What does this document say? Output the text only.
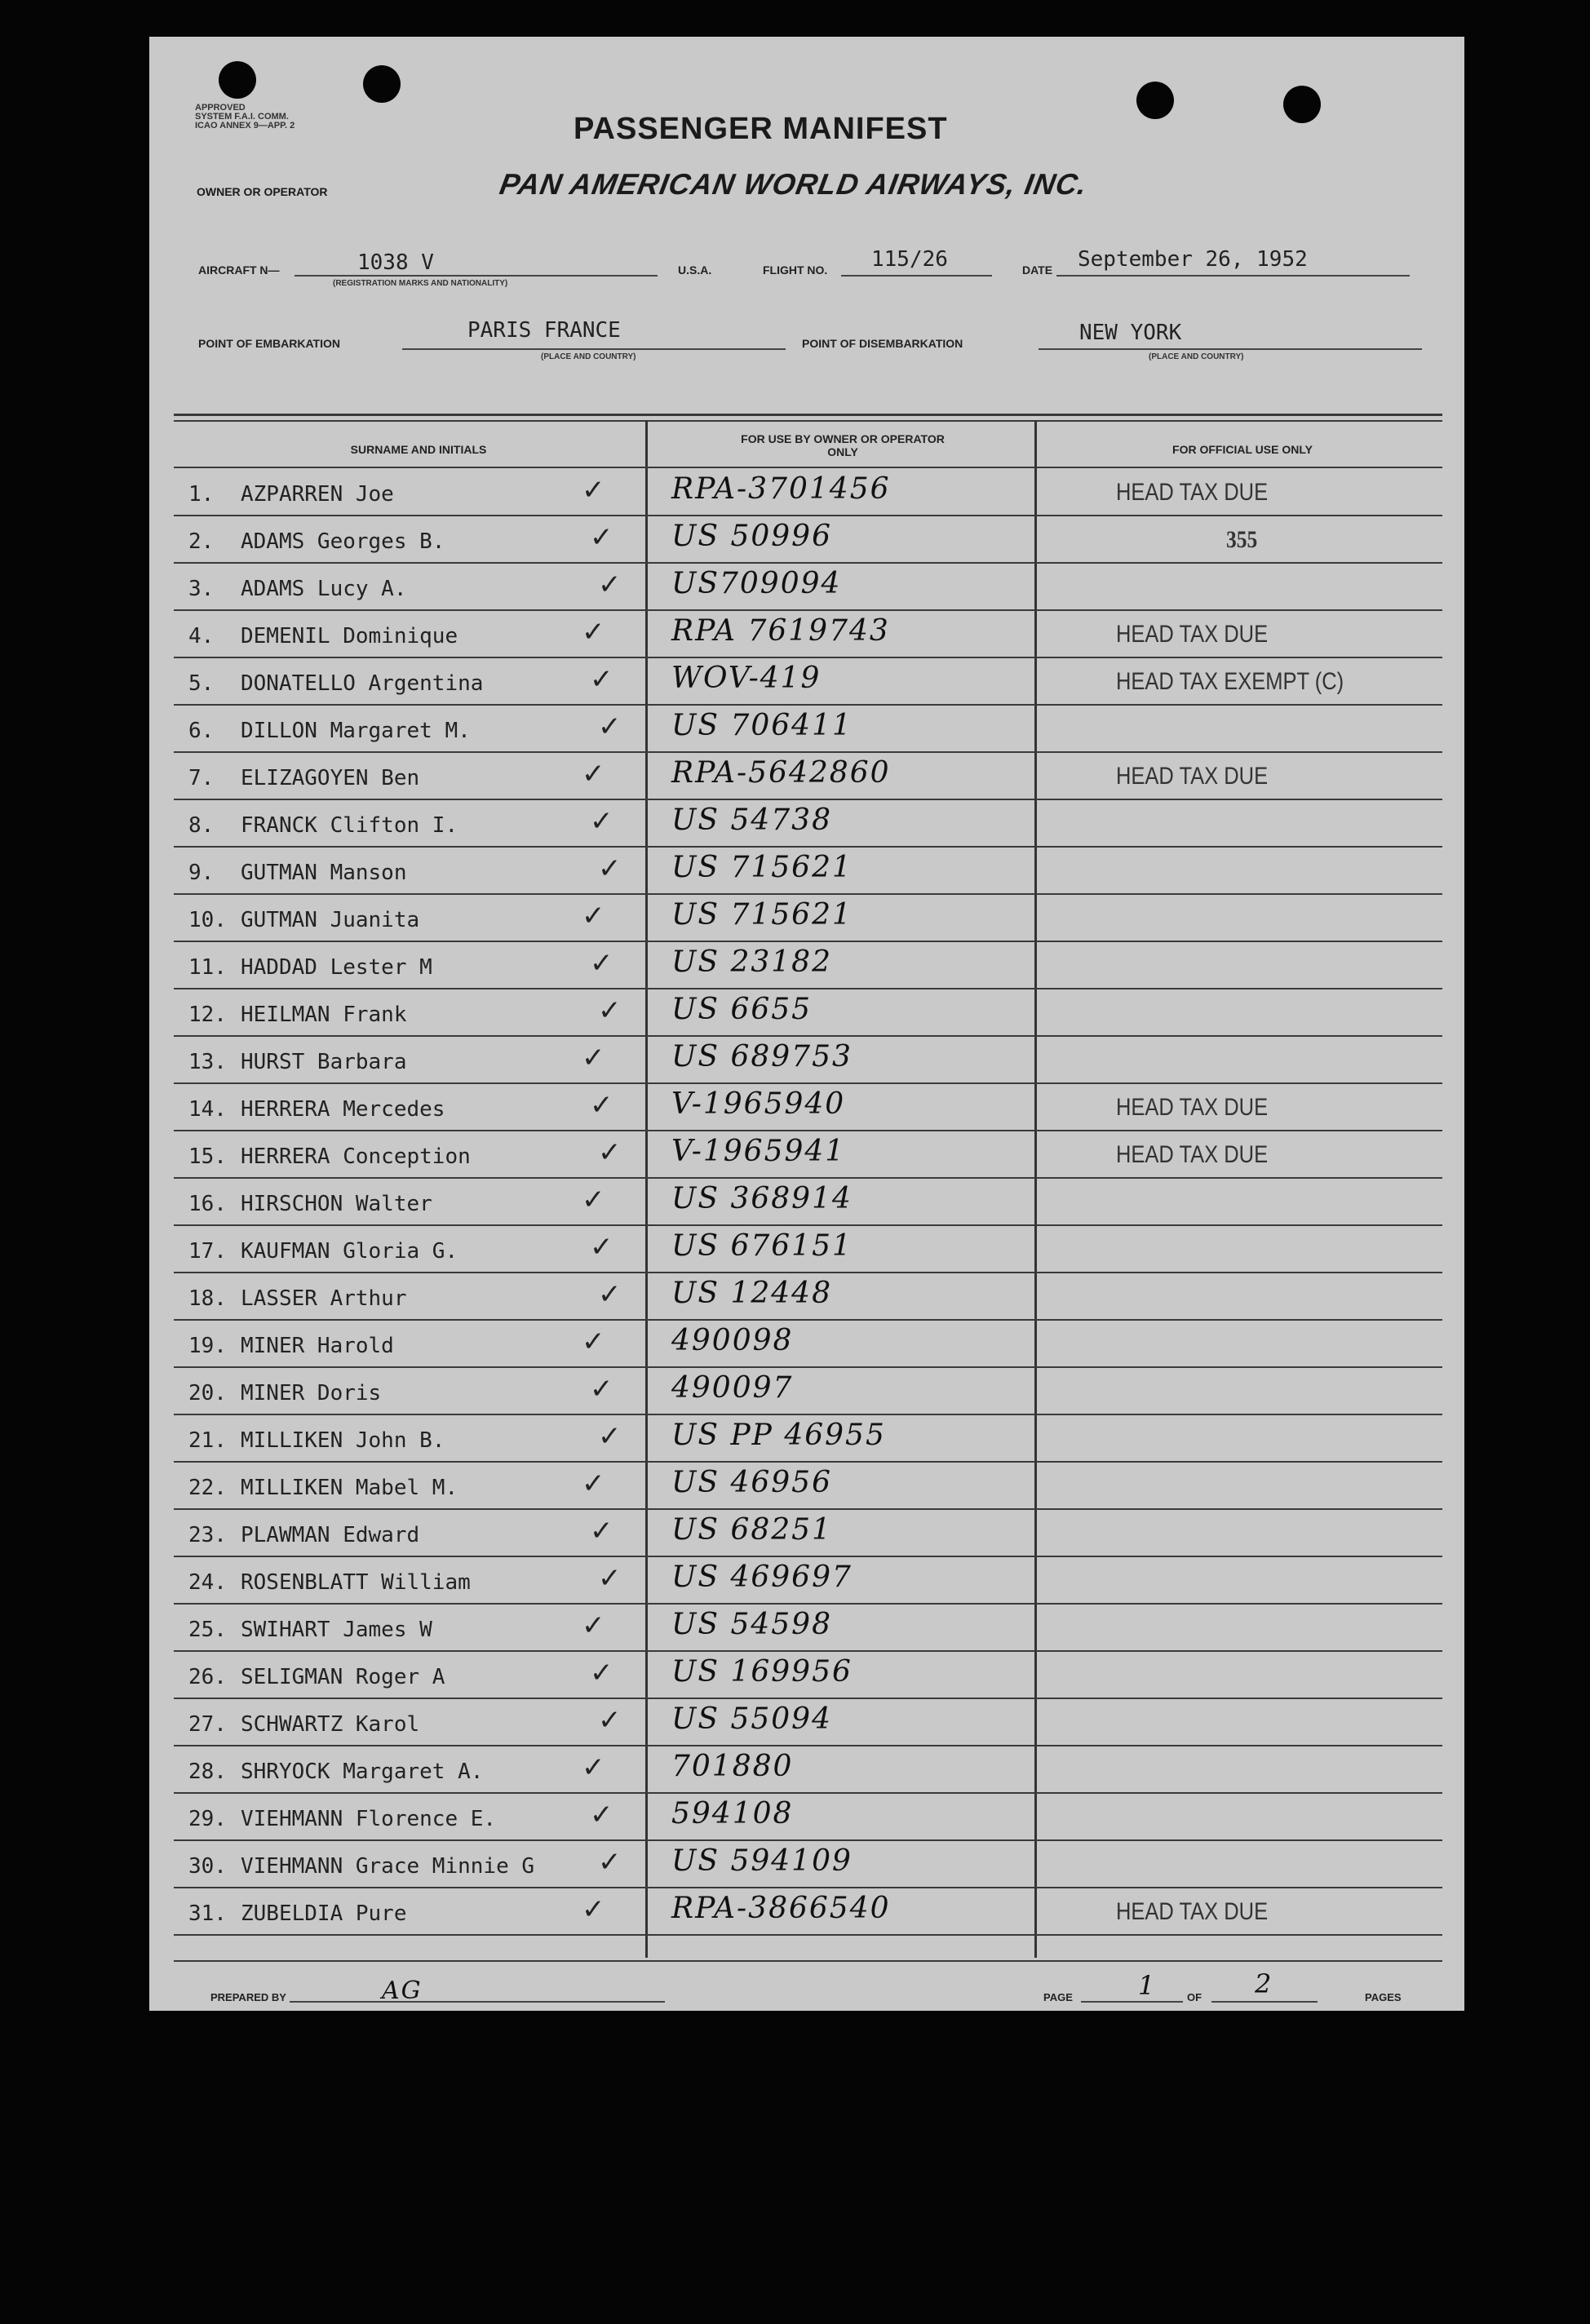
APPROVED
SYSTEM F.A.I. COMM.
ICAO ANNEX 9—APP. 2	PASSENGER MANIFEST
OWNER OR OPERATOR	PAN AMERICAN WORLD AIRWAYS, INC.
AIRCRAFT N—	1038 V
(REGISTRATION MARKS AND NATIONALITY)
U.S.A.	FLIGHT NO. 115/26	DATE September 26, 1952
POINT OF EMBARKATION
PARIS FRANCE
(PLACE AND COUNTRY)
POINT OF DISEMBARKATION	NEW YORK
(PLACE AND COUNTRY)
SURNAME AND INITIALS
FOR USE BY OWNER OR OPERATOR ONLY	FOR OFFICIAL USE ONLY
1. AZPARREN Joe	✓ RPA-3701456	HEAD TAX DUE
2. ADAMS Georges B.	✓ US 50996	355
3. ADAMS Lucy A.	✓ US709094
4. DEMENIL Dominique	✓ RPA 7619743	HEAD TAX DUE
5. DONATELLO Argentina	✓ WOV-419	HEAD TAX EXEMPT (C)
6. DILLON Margaret M.	✓ US 706411
7. ELIZAGOYEN Ben	✓ RPA-5642860	HEAD TAX DUE
8. FRANCK Clifton I.	✓ US 54738
9. GUTMAN Manson	✓ US 715621
10. GUTMAN Juanita	✓ US 715621
11. HADDAD Lester M	✓ US 23182
12. HEILMAN Frank	✓ US 6655
13. HURST Barbara	✓ US 689753
14. HERRERA Mercedes	✓ V-1965940	HEAD TAX DUE
15. HERRERA Conception	✓ V-1965941	HEAD TAX DUE
16. HIRSCHON Walter	✓ US 368914
17. KAUFMAN Gloria G.	✓ US 676151
18. LASSER Arthur	✓ US 12448
19. MINER Harold	✓ 490098
20. MINER Doris	✓ 490097
21. MILLIKEN John B.	✓ US PP 46955
22. MILLIKEN Mabel M.	✓ US 46956
23. PLAWMAN Edward	✓ US 68251
24. ROSENBLATT William	✓ US 469697
25. SWIHART James W	✓ US 54598
26. SELIGMAN Roger A	✓ US 169956
27. SCHWARTZ Karol	✓ US 55094
28. SHRYOCK Margaret A.	✓ 701880
29. VIEHMANN Florence E.	✓ 594108
30. VIEHMANN Grace Minnie G ✓ US 594109
31. ZUBELDIA Pure	✓ RPA-3866540	HEAD TAX DUE
PREPARED BY	AG	PAGE	1	OF 2	PAGES
